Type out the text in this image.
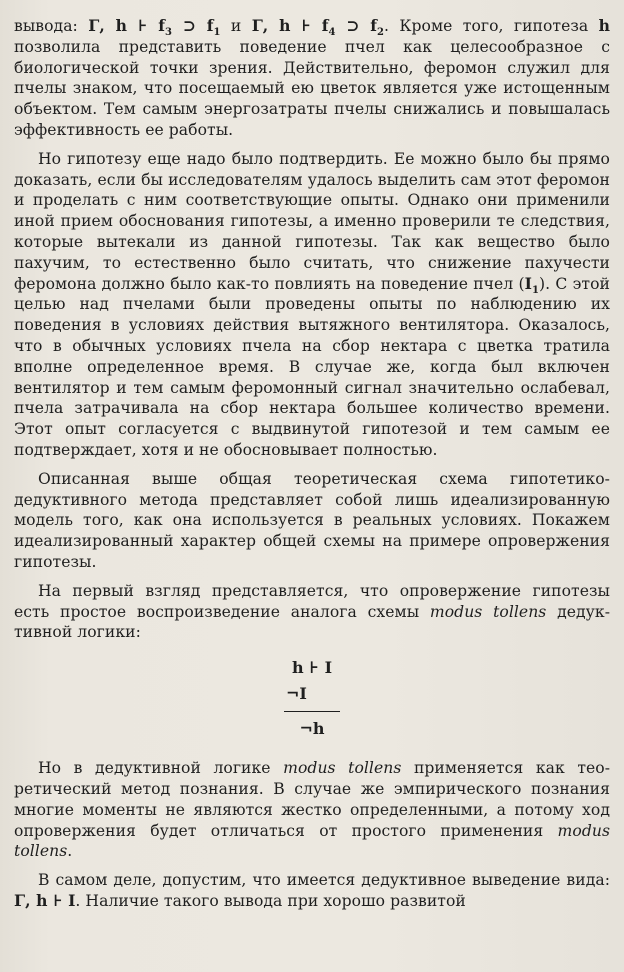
вывода: Γ, h ⊦ $f_3$ ⊃ $f_1$ и Γ, h ⊦ $f_4$ ⊃ $f_2$. Кроме того, гипотеза h позволила представить поведение пчел как целесообразное с биологической точки зрения. Действительно, феромон служил для пчелы знаком, что посещаемый ею цветок является уже истощенным объектом. Тем самым энергозатраты пчелы снижались и повышалась эффективность ее работы.

Но гипотезу еще надо было подтвердить. Ее можно было бы прямо доказать, если бы исследователям удалось выделить сам этот феромон и проделать с ним соответствующие опыты. Однако они применили иной прием обоснования гипотезы, а именно проверили те следствия, которые вытекали из данной гипотезы. Так как вещество было пахучим, то естественно было считать, что снижение пахучести феромона должно было как-то повлиять на поведение пчел $(I_1)$. С этой целью над пчелами были проведены опыты по наблюдению их поведения в условиях действия вытяжного вентилятора. Оказалось, что в обычных условиях пчела на сбор нектара с цветка тратила вполне определенное время. В случае же, когда был включен вентилятор и тем самым феромонный сигнал значительно ослабевал, пчела затрачивала на сбор нектара большее количество времени. Этот опыт согласуется с выдвинутой гипотезой и тем самым ее подтверждает, хотя и не обосновывает полностью.

Описанная выше общая теоретическая схема гипотетико-дедуктивного метода представляет собой лишь идеализированную модель того, как она используется в реальных условиях. Покажем идеализированный характер общей схемы на примере опровержения гипотезы.

На первый взгляд представляется, что опровержение гипотезы есть простое воспроизведение аналога схемы modus tollens дедуктивной логики:

h ⊦ I
¬I
¬h

Но в дедуктивной логике modus tollens применяется как теоретический метод познания. В случае же эмпирического познания многие моменты не являются жестко определенными, а потому ход опровержения будет отличаться от простого применения modus tollens.

В самом деле, допустим, что имеется дедуктивное выведение вида: Γ, h ⊦ I. Наличие такого вывода при хорошо развитой
